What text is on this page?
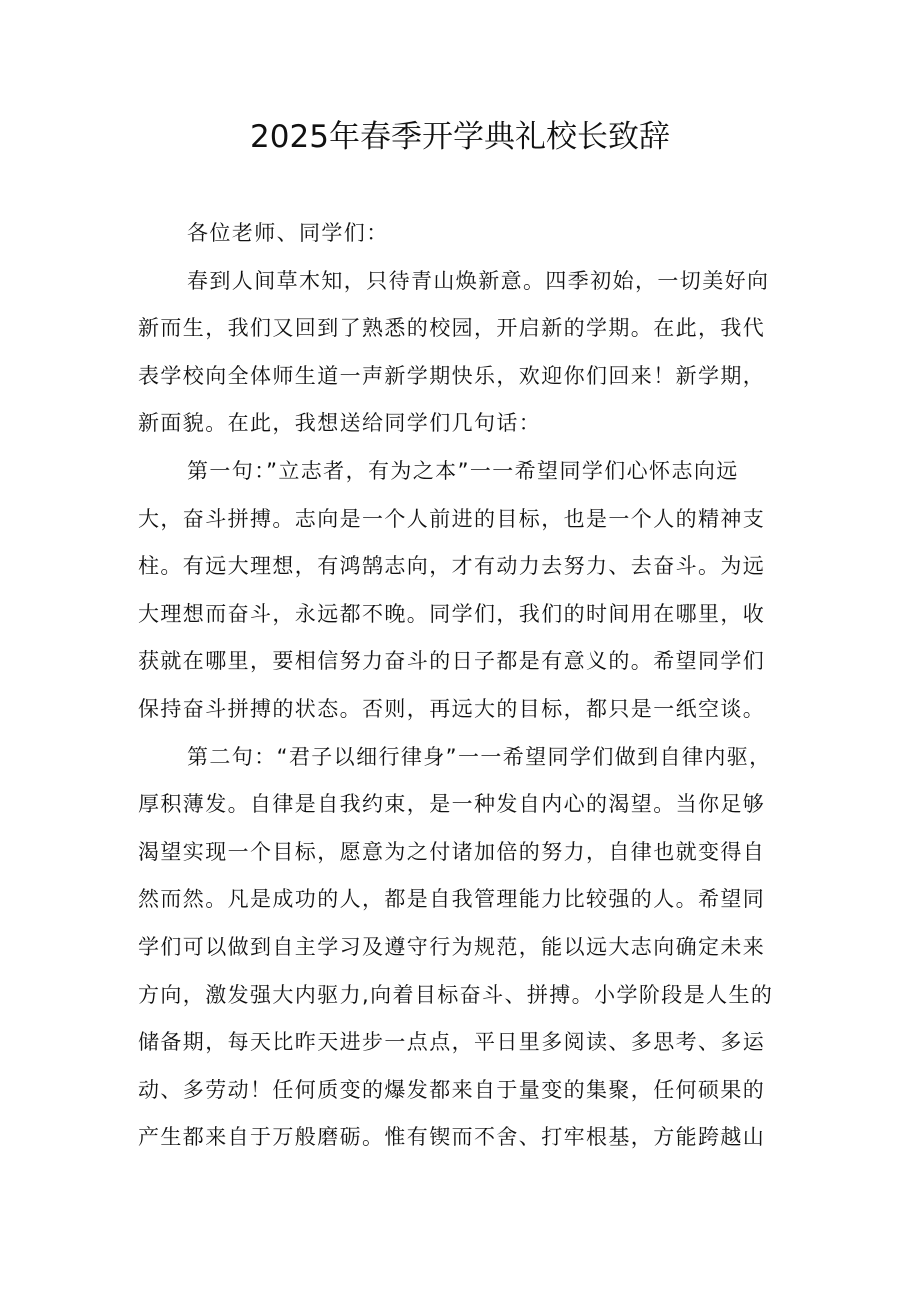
2025年春季开学典礼校长致辞
各位老师、同学们：
春到人间草木知，只待青山焕新意。四季初始，一切美好向
新而生，我们又回到了熟悉的校园，开启新的学期。在此，我代
表学校向全体师生道一声新学期快乐，欢迎你们回来！新学期，
新面貌。在此，我想送给同学们几句话：
第一句：”立志者，有为之本”一一希望同学们心怀志向远
大，奋斗拼搏。志向是一个人前进的目标，也是一个人的精神支
柱。有远大理想，有鸿鹄志向，才有动力去努力、去奋斗。为远
大理想而奋斗，永远都不晚。同学们，我们的时间用在哪里，收
获就在哪里，要相信努力奋斗的日子都是有意义的。希望同学们
保持奋斗拼搏的状态。否则，再远大的目标，都只是一纸空谈。
第二句：“君子以细行律身”一一希望同学们做到自律内驱，
厚积薄发。自律是自我约束，是一种发自内心的渴望。当你足够
渴望实现一个目标，愿意为之付诸加倍的努力，自律也就变得自
然而然。凡是成功的人，都是自我管理能力比较强的人。希望同
学们可以做到自主学习及遵守行为规范，能以远大志向确定未来
方向，激发强大内驱力,向着目标奋斗、拼搏。小学阶段是人生的
储备期，每天比昨天进步一点点，平日里多阅读、多思考、多运
动、多劳动！任何质变的爆发都来自于量变的集聚，任何硕果的
产生都来自于万般磨砺。惟有锲而不舍、打牢根基，方能跨越山
